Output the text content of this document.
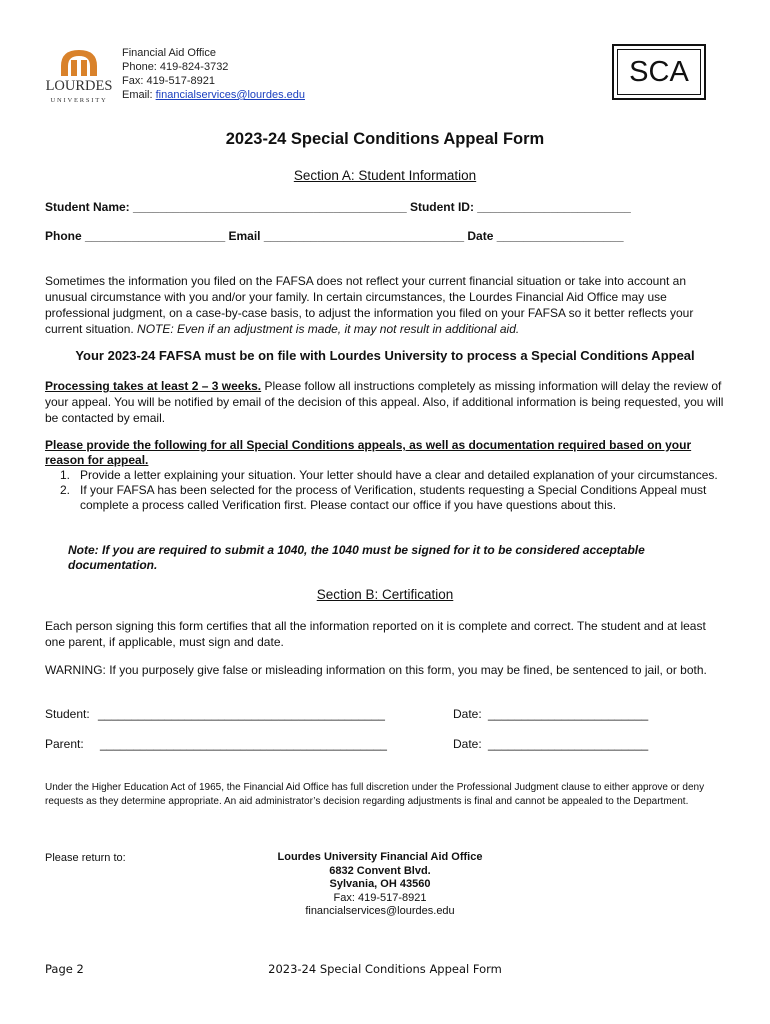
LOURDES
UNIVERSITY
Financial Aid Office
Phone: 419-824-3732
Fax: 419-517-8921
Email: financialservices@lourdes.edu
SCA
2023-24 Special Conditions Appeal Form
Section A: Student Information
Student Name: _________________________________________ Student ID: _______________________
Phone _____________________ Email ______________________________ Date ___________________
Sometimes the information you filed on the FAFSA does not reflect your current financial situation or take into account an unusual circumstance with you and/or your family. In certain circumstances, the Lourdes Financial Aid Office may use professional judgment, on a case-by-case basis, to adjust the information you filed on your FAFSA so it better reflects your current situation. NOTE: Even if an adjustment is made, it may not result in additional aid.
Your 2023-24 FAFSA must be on file with Lourdes University to process a Special Conditions Appeal
Processing takes at least 2 – 3 weeks. Please follow all instructions completely as missing information will delay the review of your appeal. You will be notified by email of the decision of this appeal. Also, if additional information is being requested, you will be contacted by email.
Please provide the following for all Special Conditions appeals, as well as documentation required based on your reason for appeal.
1. Provide a letter explaining your situation. Your letter should have a clear and detailed explanation of your circumstances.
2. If your FAFSA has been selected for the process of Verification, students requesting a Special Conditions Appeal must complete a process called Verification first. Please contact our office if you have questions about this.
Note: If you are required to submit a 1040, the 1040 must be signed for it to be considered acceptable documentation.
Section B: Certification
Each person signing this form certifies that all the information reported on it is complete and correct. The student and at least one parent, if applicable, must sign and date.
WARNING: If you purposely give false or misleading information on this form, you may be fined, be sentenced to jail, or both.
Student: ___________________________________________	Date: ________________________
Parent: ___________________________________________	Date: ________________________
Under the Higher Education Act of 1965, the Financial Aid Office has full discretion under the Professional Judgment clause to either approve or deny requests as they determine appropriate. An aid administrator’s decision regarding adjustments is final and cannot be appealed to the Department.
Please return to:	Lourdes University Financial Aid Office
6832 Convent Blvd.
Sylvania, OH 43560
Fax: 419-517-8921
financialservices@lourdes.edu
Page 2	2023-24 Special Conditions Appeal Form
